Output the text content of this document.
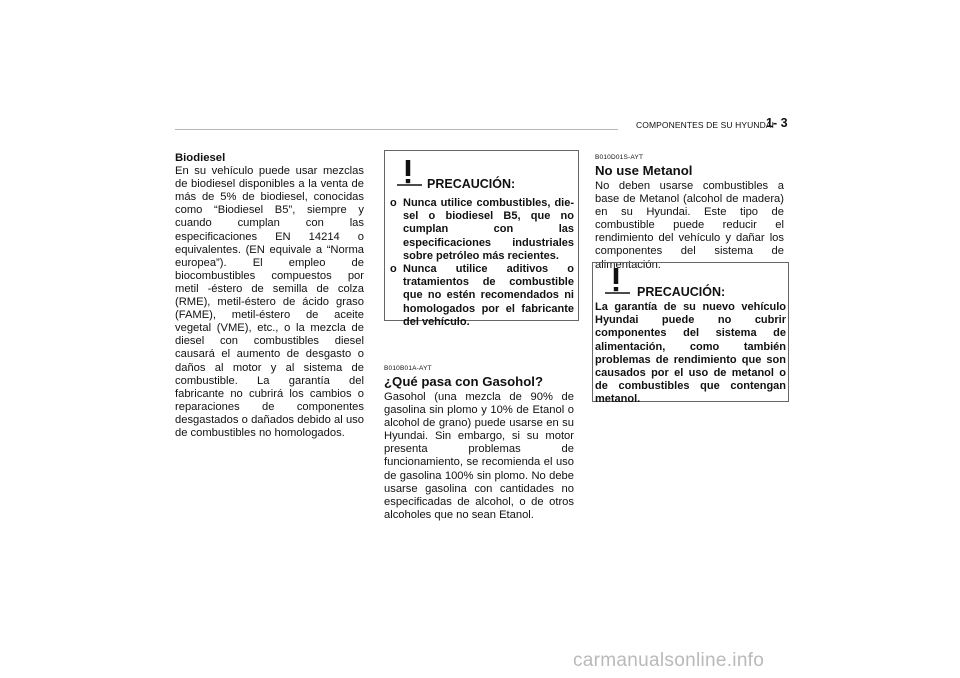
COMPONENTES DE SU HYUNDAI
1- 3

Biodiesel

En su vehículo puede usar mezclas de biodiesel disponibles a la venta de más de 5% de biodiesel, conocidas como “Biodiesel B5”, siempre y cuando cumplan con las especificaciones EN 14214 o equivalentes. (EN equivale a “Norma europea”). El empleo de biocombustibles compuestos por metil -éstero de semilla de colza (RME), metil-éstero de ácido graso (FAME), metil-éstero de aceite vegetal (VME), etc., o la mezcla de diesel con combustibles diesel causará el aumento de desgasto o daños al motor y al sistema de combustible. La garantía del fabricante no cubrirá los cambios o reparaciones de componentes desgastados o dañados debido al uso de combustibles no homologados.

PRECAUCIÓN:

o Nunca utilice combustibles, die-sel o biodiesel B5, que no cumplan con las especificaciones industriales sobre petróleo más recientes.

o Nunca utilice aditivos o tratamientos de combustible que no estén recomendados ni homologados por el fabricante del vehículo.

B010B01A-AYT

¿Qué pasa con Gasohol?

Gasohol (una mezcla de 90% de gasolina sin plomo y 10% de Etanol o alcohol de grano) puede usarse en su Hyundai. Sin embargo, si su motor presenta problemas de funcionamiento, se recomienda el uso de gasolina 100% sin plomo. No debe usarse gasolina con cantidades no especificadas de alcohol, o de otros alcoholes que no sean Etanol.

B010D01S-AYT

No use Metanol

No deben usarse combustibles a base de Metanol (alcohol de madera) en su Hyundai. Este tipo de combustible puede reducir el rendimiento del vehículo y dañar los componentes del sistema de alimentación.

PRECAUCIÓN:
La garantía de su nuevo vehículo Hyundai puede no cubrir componentes del sistema de alimentación, como también problemas de rendimiento que son causados por el uso de metanol o de combustibles que contengan metanol.
carmanualsonline.info
